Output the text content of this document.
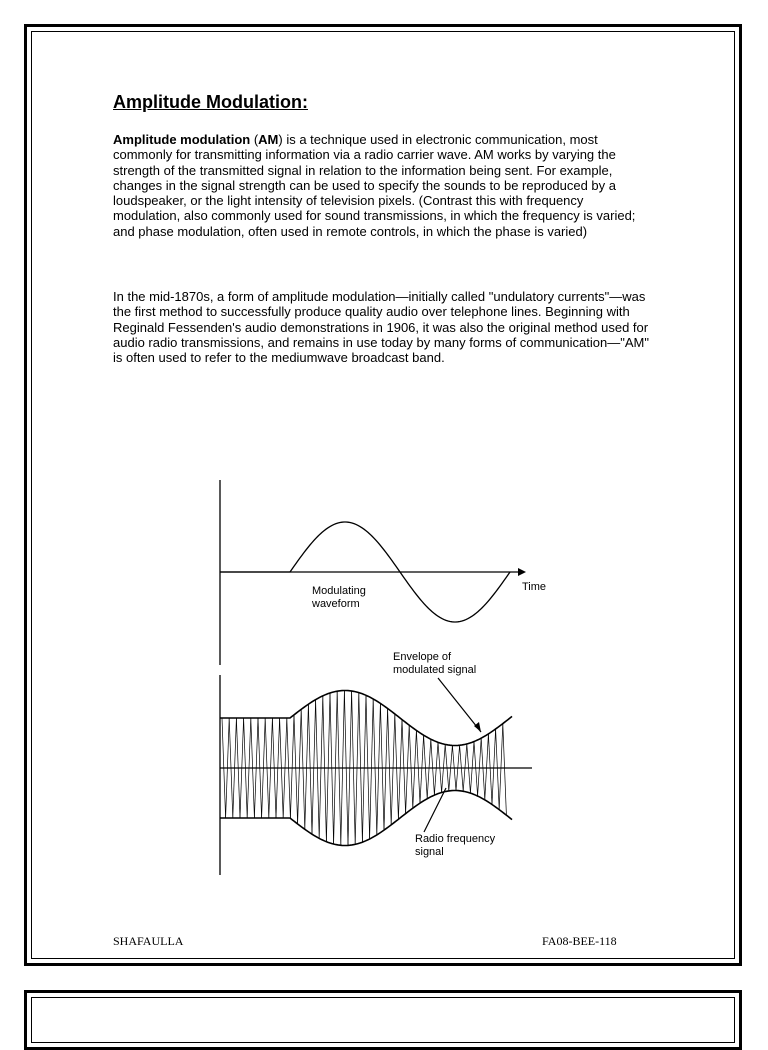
Amplitude Modulation:

Amplitude modulation (AM) is a technique used in electronic communication, most commonly for transmitting information via a radio carrier wave. AM works by varying the strength of the transmitted signal in relation to the information being sent. For example, changes in the signal strength can be used to specify the sounds to be reproduced by a loudspeaker, or the light intensity of television pixels. (Contrast this with frequency modulation, also commonly used for sound transmissions, in which the frequency is varied; and phase modulation, often used in remote controls, in which the phase is varied)

In the mid-1870s, a form of amplitude modulation—initially called "undulatory currents"—was the first method to successfully produce quality audio over telephone lines. Beginning with Reginald Fessenden's audio demonstrations in 1906, it was also the original method used for audio radio transmissions, and remains in use today by many forms of communication—"AM" is often used to refer to the mediumwave broadcast band.

Time
Modulating
waveform
Envelope of
modulated signal
Radio frequency
signal
SHAFAULLA	FA08-BEE-118
